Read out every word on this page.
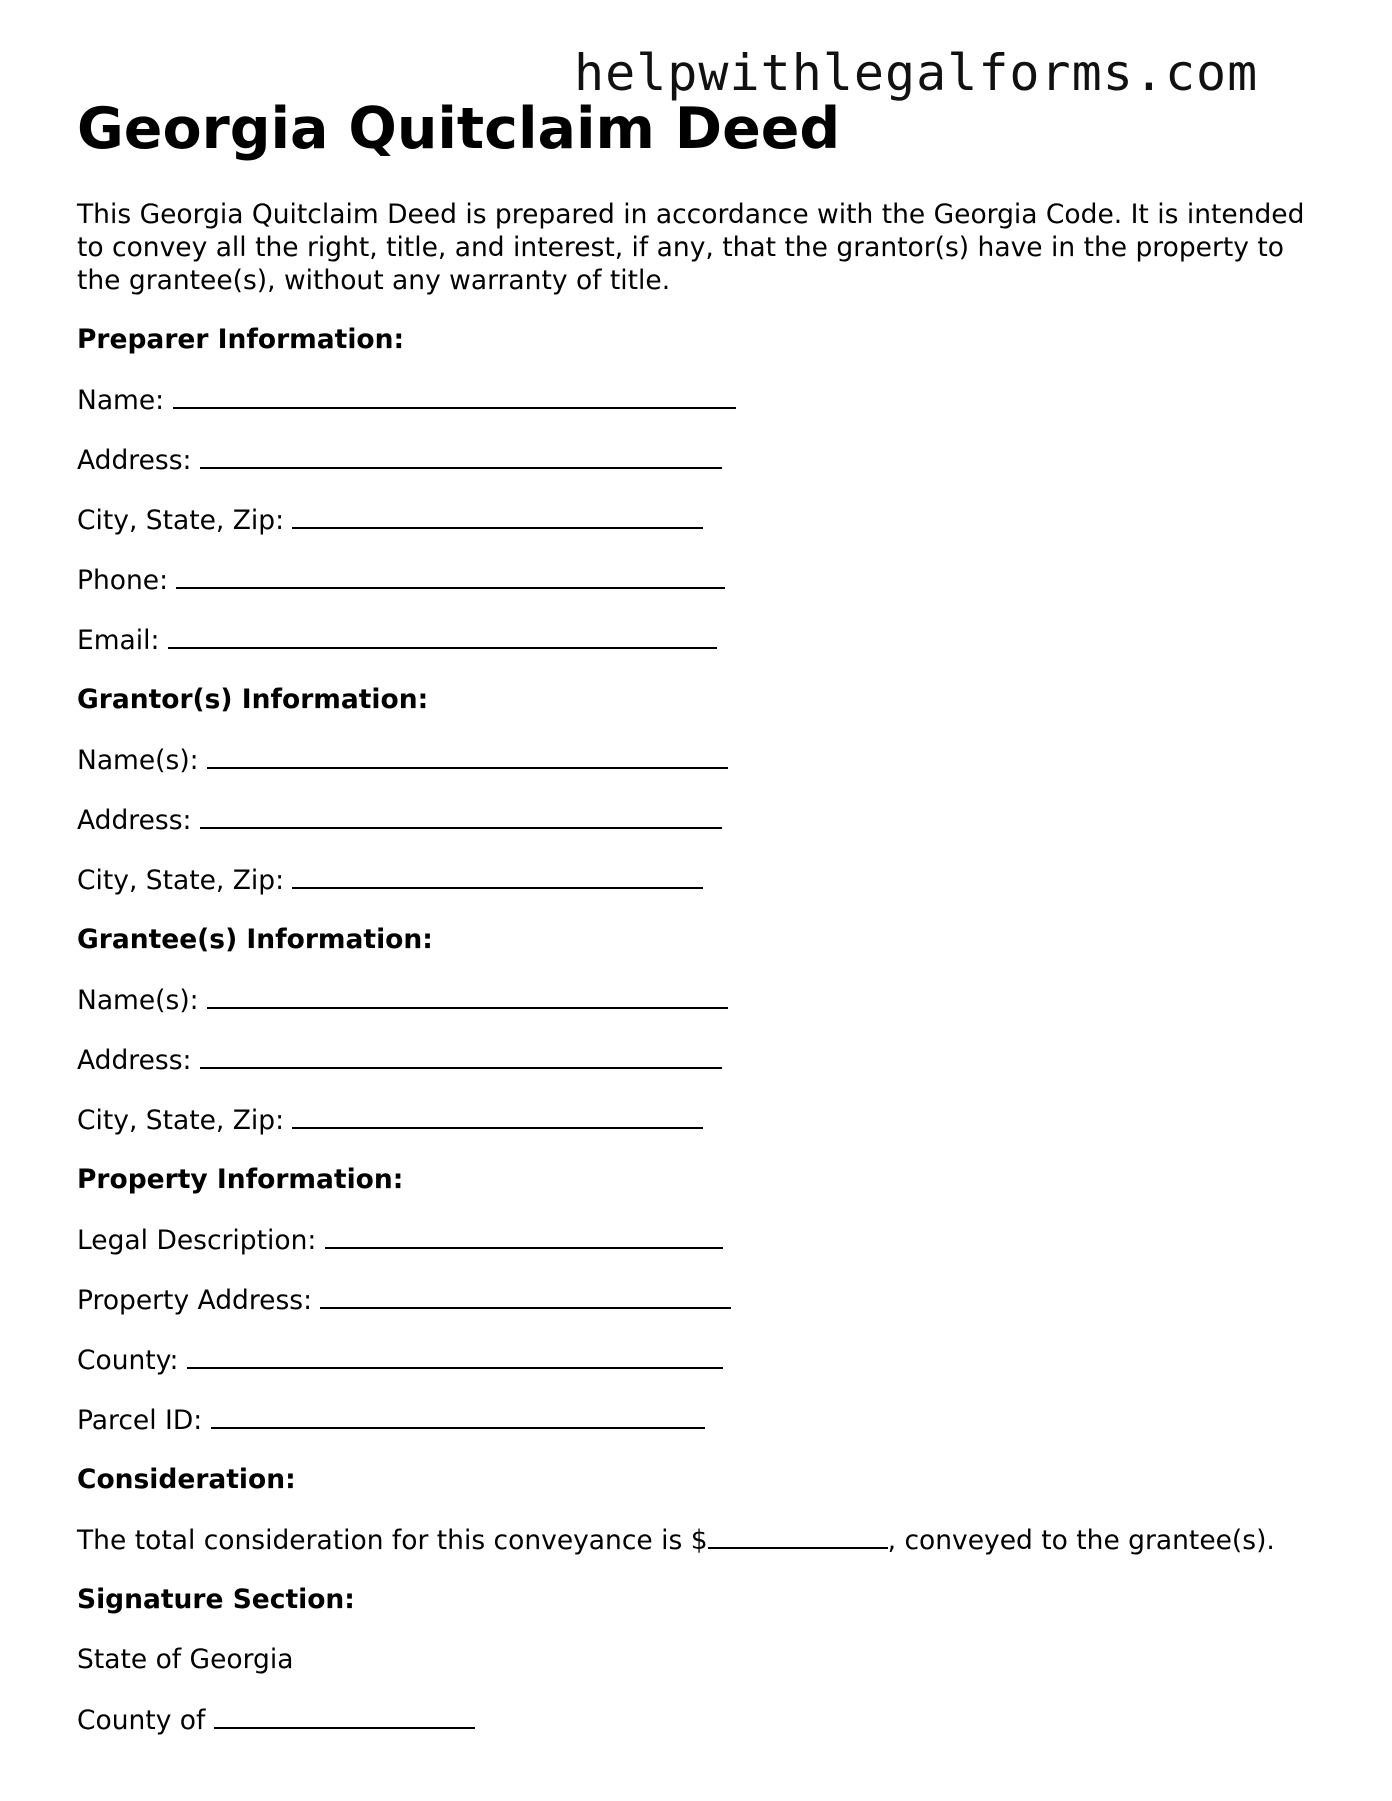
helpwithlegalforms.com
Georgia Quitclaim Deed
This Georgia Quitclaim Deed is prepared in accordance with the Georgia Code. It is intended to convey all the right, title, and interest, if any, that the grantor(s) have in the property to the grantee(s), without any warranty of title.
Preparer Information:
Name:
Address:
City, State, Zip:
Phone:
Email:
Grantor(s) Information:
Name(s):
Address:
City, State, Zip:
Grantee(s) Information:
Name(s):
Address:
City, State, Zip:
Property Information:
Legal Description:
Property Address:
County:
Parcel ID:
Consideration:
The total consideration for this conveyance is $	, conveyed to the grantee(s).
Signature Section:
State of Georgia
County of
